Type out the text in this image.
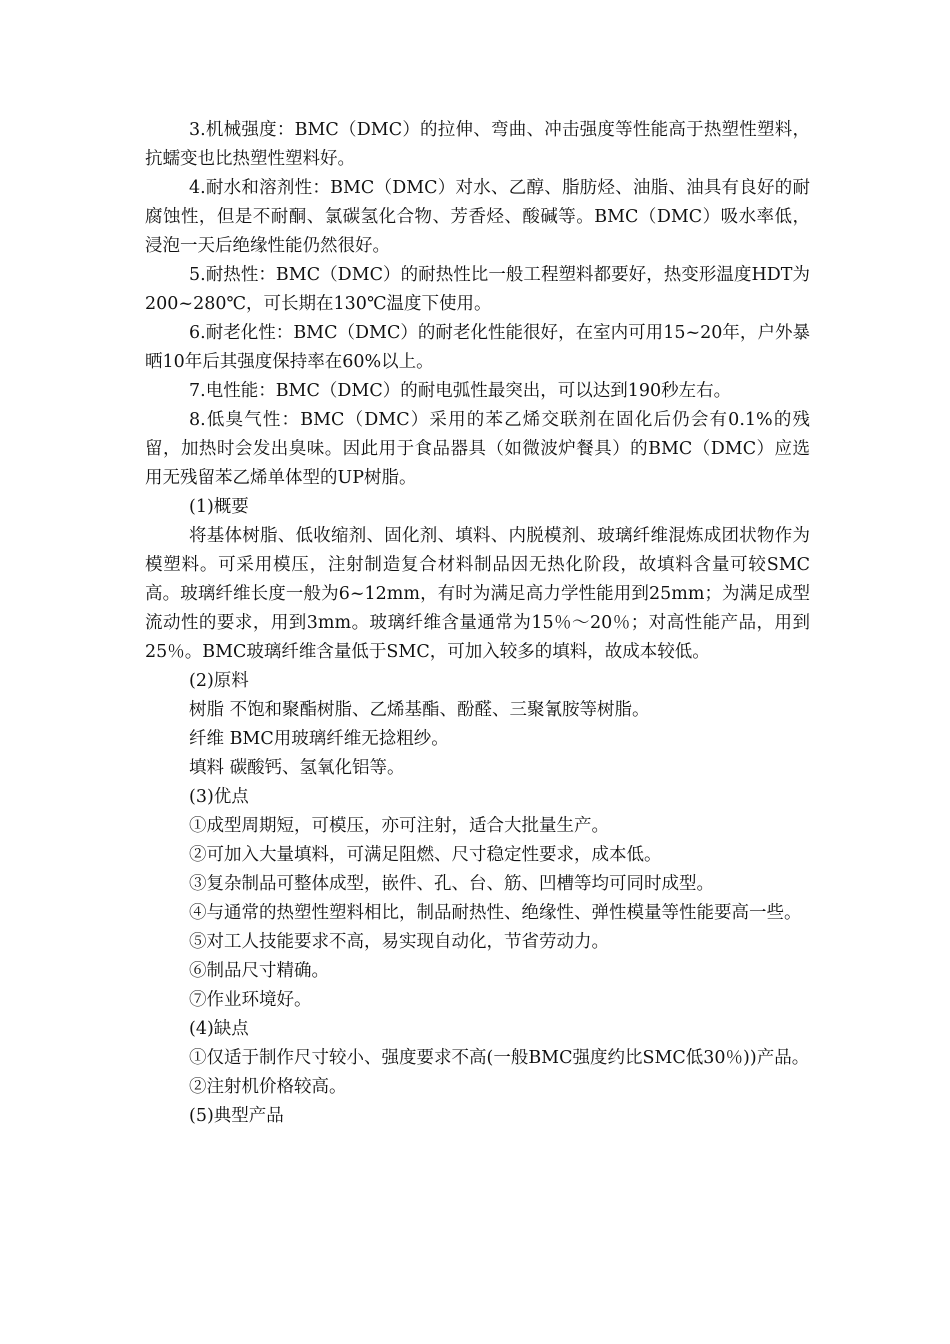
3.机械强度：BMC（DMC）的拉伸、弯曲、冲击强度等性能高于热塑性塑料，抗蠕变也比热塑性塑料好。

4.耐水和溶剂性：BMC（DMC）对水、乙醇、脂肪烃、油脂、油具有良好的耐腐蚀性，但是不耐酮、氯碳氢化合物、芳香烃、酸碱等。BMC（DMC）吸水率低，浸泡一天后绝缘性能仍然很好。

5.耐热性：BMC（DMC）的耐热性比一般工程塑料都要好，热变形温度HDT为200~280℃，可长期在130℃温度下使用。

6.耐老化性：BMC（DMC）的耐老化性能很好，在室内可用15~20年，户外暴晒10年后其强度保持率在60%以上。

7.电性能：BMC（DMC）的耐电弧性最突出，可以达到190秒左右。

8.低臭气性：BMC（DMC）采用的苯乙烯交联剂在固化后仍会有0.1%的残留，加热时会发出臭味。因此用于食品器具（如微波炉餐具）的BMC（DMC）应选用无残留苯乙烯单体型的UP树脂。

(1)概要

将基体树脂、低收缩剂、固化剂、填料、内脱模剂、玻璃纤维混炼成团状物作为模塑料。可采用模压，注射制造复合材料制品因无热化阶段，故填料含量可较SMC高。玻璃纤维长度一般为6~12mm，有时为满足高力学性能用到25mm；为满足成型流动性的要求，用到3mm。玻璃纤维含量通常为15％～20％；对高性能产品，用到25％。BMC玻璃纤维含量低于SMC，可加入较多的填料，故成本较低。

(2)原料

树脂 不饱和聚酯树脂、乙烯基酯、酚醛、三聚氰胺等树脂。

纤维 BMC用玻璃纤维无捻粗纱。

填料 碳酸钙、氢氧化铝等。

(3)优点

①成型周期短，可模压，亦可注射，适合大批量生产。

②可加入大量填料，可满足阻燃、尺寸稳定性要求，成本低。

③复杂制品可整体成型，嵌件、孔、台、筋、凹槽等均可同时成型。

④与通常的热塑性塑料相比，制品耐热性、绝缘性、弹性模量等性能要高一些。

⑤对工人技能要求不高，易实现自动化，节省劳动力。

⑥制品尺寸精确。

⑦作业环境好。

(4)缺点

①仅适于制作尺寸较小、强度要求不高(一般BMC强度约比SMC低30％))产品。

②注射机价格较高。

(5)典型产品
